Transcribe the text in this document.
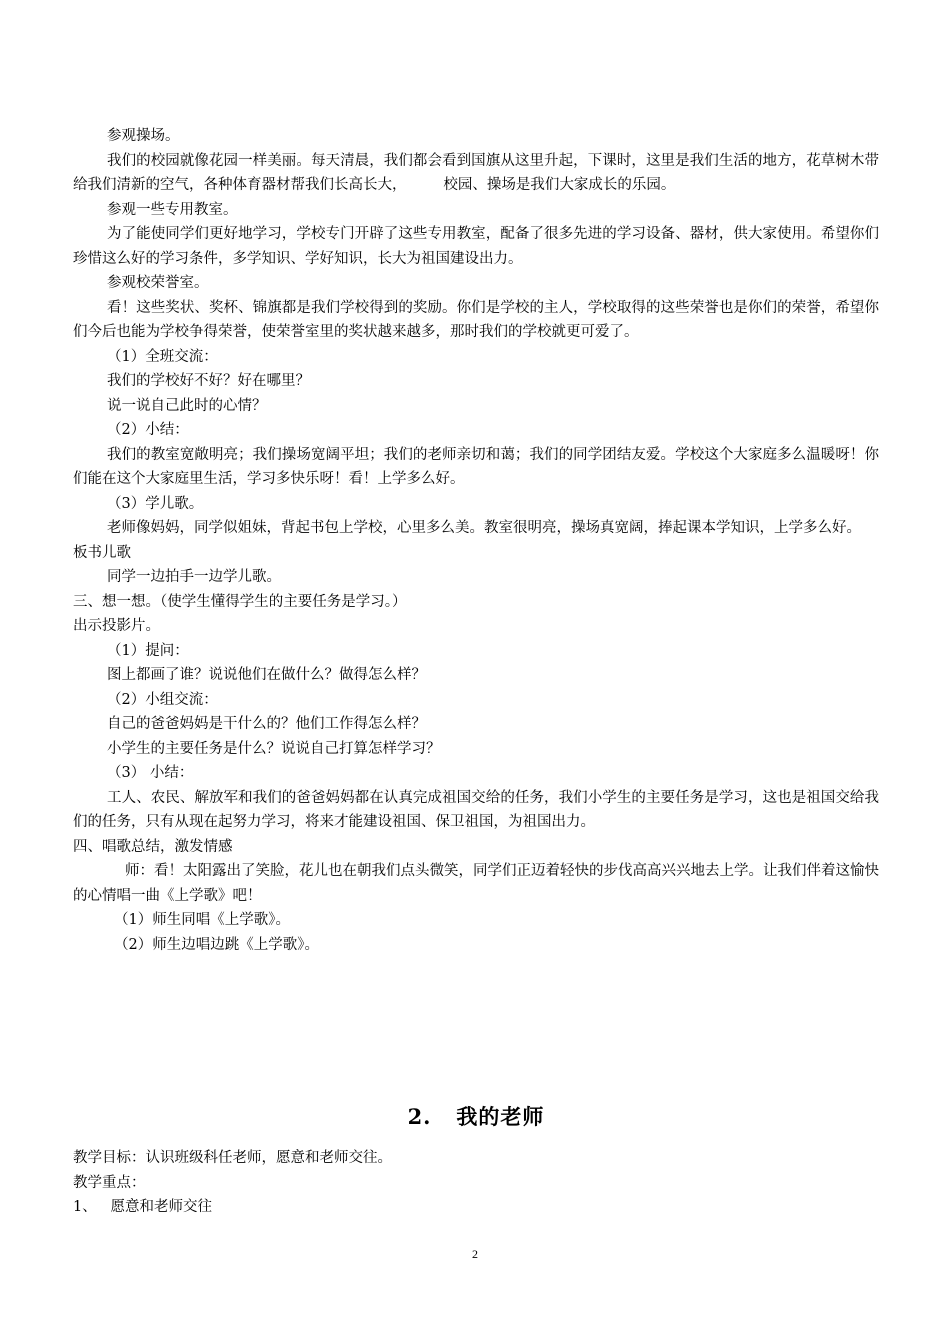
参观操场。

我们的校园就像花园一样美丽。每天清晨，我们都会看到国旗从这里升起，下课时，这里是我们生活的地方，花草树木带给我们清新的空气，各种体育器材帮我们长高长大，        校园、操场是我们大家成长的乐园。

参观一些专用教室。

为了能使同学们更好地学习，学校专门开辟了这些专用教室，配备了很多先进的学习设备、器材，供大家使用。希望你们珍惜这么好的学习条件，多学知识、学好知识，长大为祖国建设出力。

参观校荣誉室。

看！这些奖状、奖杯、锦旗都是我们学校得到的奖励。你们是学校的主人，学校取得的这些荣誉也是你们的荣誉，希望你们今后也能为学校争得荣誉，使荣誉室里的奖状越来越多，那时我们的学校就更可爱了。

（1）全班交流：

我们的学校好不好？好在哪里？

说一说自己此时的心情？

（2）小结：

我们的教室宽敞明亮；我们操场宽阔平坦；我们的老师亲切和蔼；我们的同学团结友爱。学校这个大家庭多么温暖呀！你们能在这个大家庭里生活，学习多快乐呀！看！上学多么好。

（3）学儿歌。

老师像妈妈，同学似姐妹，背起书包上学校，心里多么美。教室很明亮，操场真宽阔，捧起课本学知识，上学多么好。

板书儿歌

同学一边拍手一边学儿歌。

三、想一想。（使学生懂得学生的主要任务是学习。）

出示投影片。

（1）提问：

图上都画了谁？说说他们在做什么？做得怎么样？

（2）小组交流：

自己的爸爸妈妈是干什么的？他们工作得怎么样？

小学生的主要任务是什么？说说自己打算怎样学习？

（3） 小结：

工人、农民、解放军和我们的爸爸妈妈都在认真完成祖国交给的任务，我们小学生的主要任务是学习，这也是祖国交给我们的任务，只有从现在起努力学习，将来才能建设祖国、保卫祖国，为祖国出力。

四、唱歌总结，激发情感

师：看！太阳露出了笑脸，花儿也在朝我们点头微笑，同学们正迈着轻快的步伐高高兴兴地去上学。让我们伴着这愉快的心情唱一曲《上学歌》吧！

（1）师生同唱《上学歌》。

（2）师生边唱边跳《上学歌》。

2.   我的老师

教学目标：认识班级科任老师，愿意和老师交往。

教学重点：

1、   愿意和老师交往

2
